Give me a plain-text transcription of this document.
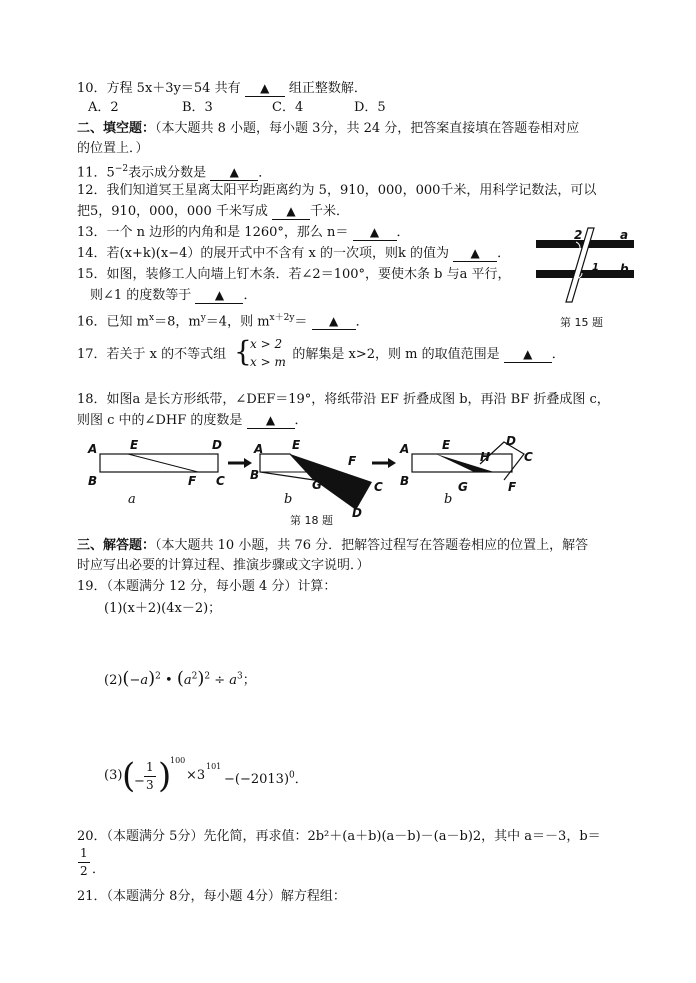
10．方程 5x＋3y＝54 共有 ▲ 组正整数解．
A．2	B．3	C．4	D．5
二、填空题：（本大题共 8 小题，每小题 3分，共 24 分，把答案直接填在答题卷相对应
的位置上．）
11．$5^{-2}$表示成分数是 ▲ ．
12．我们知道冥王星离太阳平均距离约为 5，910，000，000千米，用科学记数法，可以
把5，910，000，000 千米写成 ▲ 千米．
13．一个 n 边形的内角和是 1260°，那么 n＝ ▲ ．
14．若(x+k)(x−4）的展开式中不含有 x 的一次项，则k 的值为 ▲ ．
15．如图，装修工人向墙上钉木条．若∠2＝100°，要使木条 b 与a 平行，
则∠1 的度数等于 ▲ ．
2	a
1 b
第 15 题
16．已知 $m^x=8$，$m^y=4$，则 $m^{x+2y}=$ ▲ ．
17．若关于 x 的不等式组	的解集是 x>2，则 m 的取值范围是 ▲ ．
{
x > 2
x > m
18．如图a 是长方形纸带，∠DEF＝19°，将纸带沿 EF 折叠成图 b，再沿 BF 折叠成图 c，
则图 c 中的∠DHF 的度数是 ▲ ．
A
B
E	D
F C
A
B
E
G
F
C
D
A
B
E
H
D
C
G	F
a	b	b
第 18 题
三、解答题：（本大题共 10 小题，共 76 分．把解答过程写在答题卷相应的位置上，解答
时应写出必要的计算过程、推演步骤或文字说明．）
19．（本题满分 12 分，每小题 4 分）计算：
(1)(x＋2)(4x－2)；
$(2)(-a)^2$ • $(a^2)^2 \div a^3$；
(3) (
−
1
3 )
100
×3
101
$-(-2013)^0$．
20．（本题满分 5分）先化简，再求值：2b²＋(a＋b)(a－b)－(a－b)2，其中 a＝－3，b＝
1
2 ．
21．（本题满分 8分，每小题 4分）解方程组：
